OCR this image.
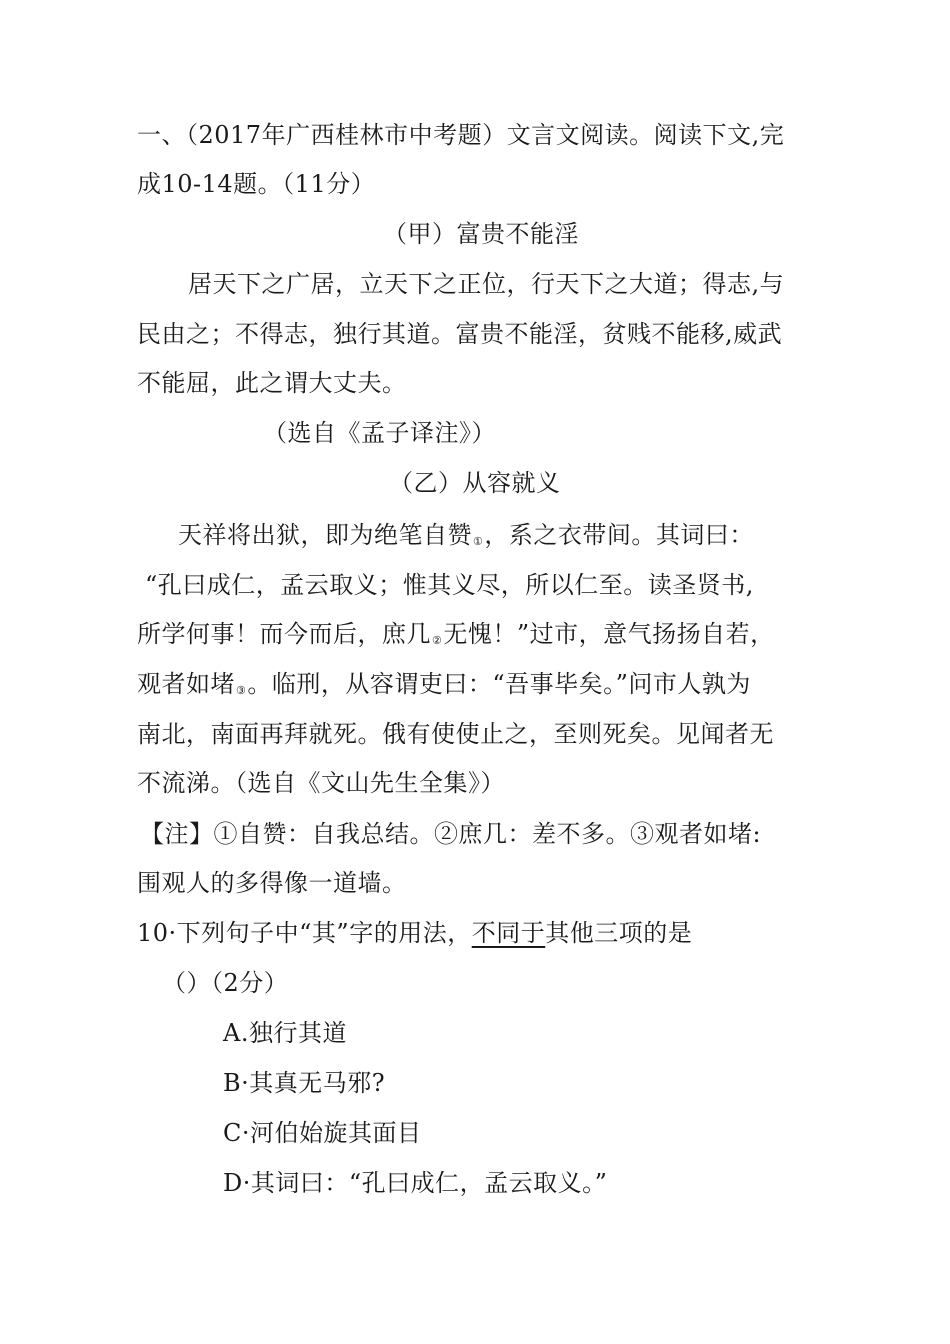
一、（2017年广西桂林市中考题）文言文阅读。阅读下文,完
成10-14题。（11分）
（甲）富贵不能淫
居天下之广居，立天下之正位，行天下之大道；得志,与
民由之；不得志，独行其道。富贵不能淫，贫贱不能移,威武
不能屈，此之谓大丈夫。
（选自《孟子译注》）
（乙）从容就义
天祥将出狱，即为绝笔自赞①，系之衣带间。其词曰：
“孔曰成仁，孟云取义；惟其义尽，所以仁至。读圣贤书,
所学何事！而今而后，庶几②无愧！”过市，意气扬扬自若，
观者如堵③。临刑，从容谓吏曰：“吾事毕矣。”问市人孰为
南北，南面再拜就死。俄有使使止之，至则死矣。见闻者无
不流涕。（选自《文山先生全集》）
【注】①自赞：自我总结。②庶几：差不多。③观者如堵:
围观人的多得像一道墙。
10·下列句子中“其”字的用法，不同于其他三项的是
（）（2分）
A.独行其道
B·其真无马邪?
C·河伯始旋其面目
D·其词曰：“孔曰成仁，孟云取义。”
